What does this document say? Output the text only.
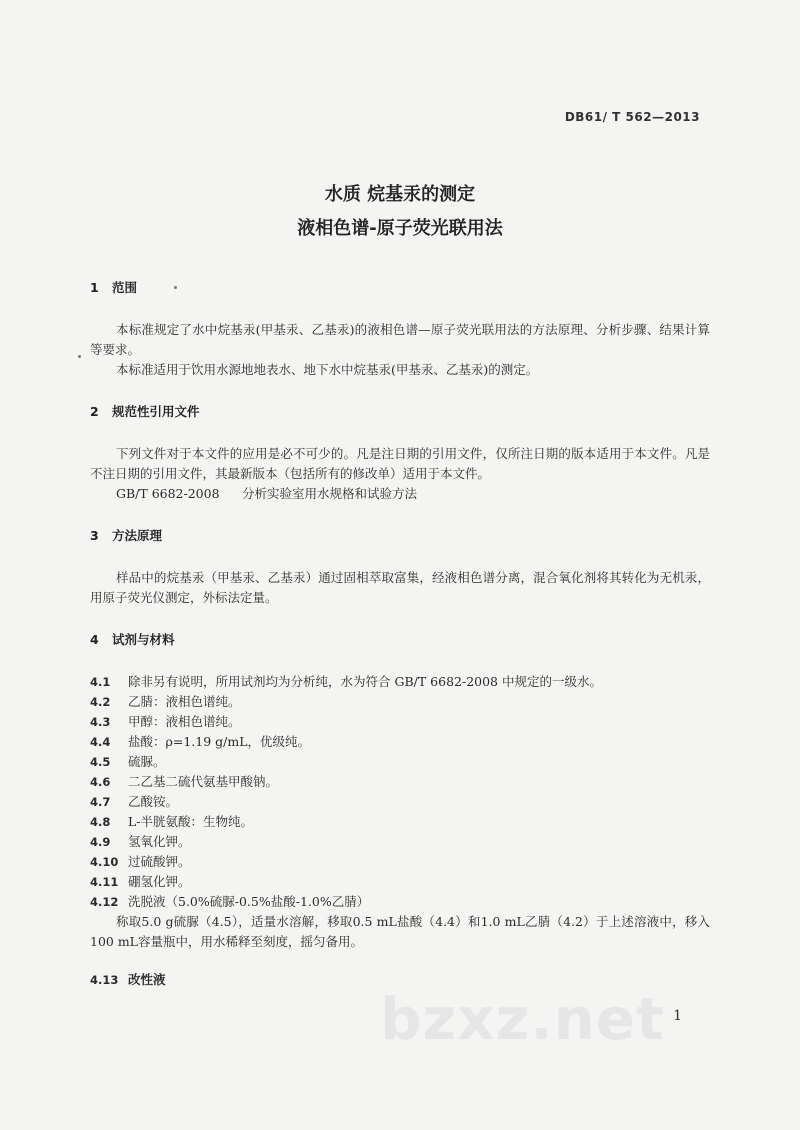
DB61/ T 562—2013
水质 烷基汞的测定
液相色谱-原子荧光联用法

1 范围

本标准规定了水中烷基汞(甲基汞、乙基汞)的液相色谱—原子荧光联用法的方法原理、分析步骤、结果计算等要求。

本标准适用于饮用水源地地表水、地下水中烷基汞(甲基汞、乙基汞)的测定。

2 规范性引用文件

下列文件对于本文件的应用是必不可少的。凡是注日期的引用文件，仅所注日期的版本适用于本文件。凡是不注日期的引用文件，其最新版本（包括所有的修改单）适用于本文件。

GB/T 6682-2008 分析实验室用水规格和试验方法

3 方法原理

样品中的烷基汞（甲基汞、乙基汞）通过固相萃取富集，经液相色谱分离，混合氧化剂将其转化为无机汞，用原子荧光仪测定，外标法定量。

4 试剂与材料

4.1 除非另有说明，所用试剂均为分析纯，水为符合 GB/T 6682-2008 中规定的一级水。

4.2 乙腈：液相色谱纯。

4.3 甲醇：液相色谱纯。

4.4 盐酸：ρ=1.19 g/mL，优级纯。

4.5 硫脲。

4.6 二乙基二硫代氨基甲酸钠。

4.7 乙酸铵。

4.8 L-半胱氨酸：生物纯。

4.9 氢氧化钾。

4.10 过硫酸钾。

4.11 硼氢化钾。

4.12 洗脱液（5.0%硫脲-0.5%盐酸-1.0%乙腈）

称取5.0 g硫脲（4.5），适量水溶解，移取0.5 mL盐酸（4.4）和1.0 mL乙腈（4.2）于上述溶液中，移入100 mL容量瓶中，用水稀释至刻度，摇匀备用。

4.13 改性液

bzxz.net 1
